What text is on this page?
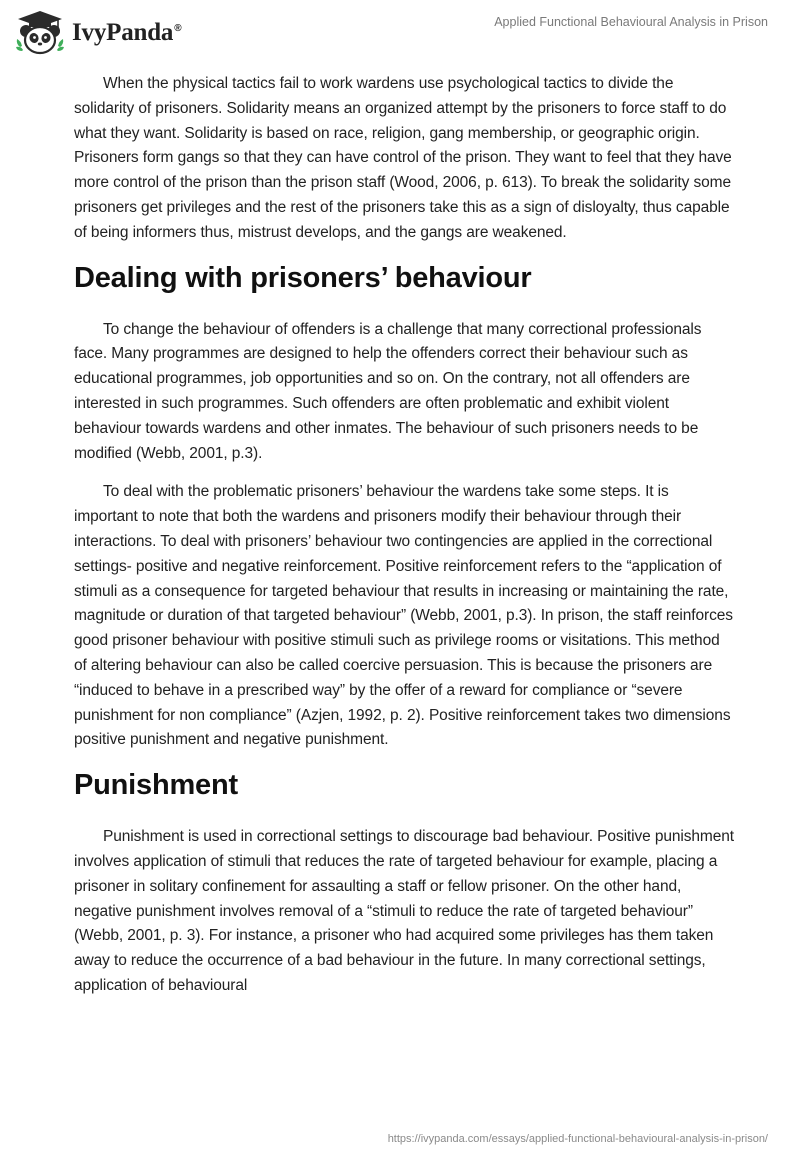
IvyPanda®	Applied Functional Behavioural Analysis in Prison

When the physical tactics fail to work wardens use psychological tactics to divide the solidarity of prisoners. Solidarity means an organized attempt by the prisoners to force staff to do what they want. Solidarity is based on race, religion, gang membership, or geographic origin. Prisoners form gangs so that they can have control of the prison. They want to feel that they have more control of the prison than the prison staff (Wood, 2006, p. 613). To break the solidarity some prisoners get privileges and the rest of the prisoners take this as a sign of disloyalty, thus capable of being informers thus, mistrust develops, and the gangs are weakened.

Dealing with prisoners’ behaviour

To change the behaviour of offenders is a challenge that many correctional professionals face. Many programmes are designed to help the offenders correct their behaviour such as educational programmes, job opportunities and so on. On the contrary, not all offenders are interested in such programmes. Such offenders are often problematic and exhibit violent behaviour towards wardens and other inmates. The behaviour of such prisoners needs to be modified (Webb, 2001, p.3).

To deal with the problematic prisoners’ behaviour the wardens take some steps. It is important to note that both the wardens and prisoners modify their behaviour through their interactions. To deal with prisoners’ behaviour two contingencies are applied in the correctional settings- positive and negative reinforcement. Positive reinforcement refers to the “application of stimuli as a consequence for targeted behaviour that results in increasing or maintaining the rate, magnitude or duration of that targeted behaviour” (Webb, 2001, p.3). In prison, the staff reinforces good prisoner behaviour with positive stimuli such as privilege rooms or visitations. This method of altering behaviour can also be called coercive persuasion. This is because the prisoners are “induced to behave in a prescribed way” by the offer of a reward for compliance or “severe punishment for non compliance” (Azjen, 1992, p. 2). Positive reinforcement takes two dimensions positive punishment and negative punishment.

Punishment

Punishment is used in correctional settings to discourage bad behaviour. Positive punishment involves application of stimuli that reduces the rate of targeted behaviour for example, placing a prisoner in solitary confinement for assaulting a staff or fellow prisoner. On the other hand, negative punishment involves removal of a “stimuli to reduce the rate of targeted behaviour” (Webb, 2001, p. 3). For instance, a prisoner who had acquired some privileges has them taken away to reduce the occurrence of a bad behaviour in the future. In many correctional settings, application of behavioural

https://ivypanda.com/essays/applied-functional-behavioural-analysis-in-prison/
